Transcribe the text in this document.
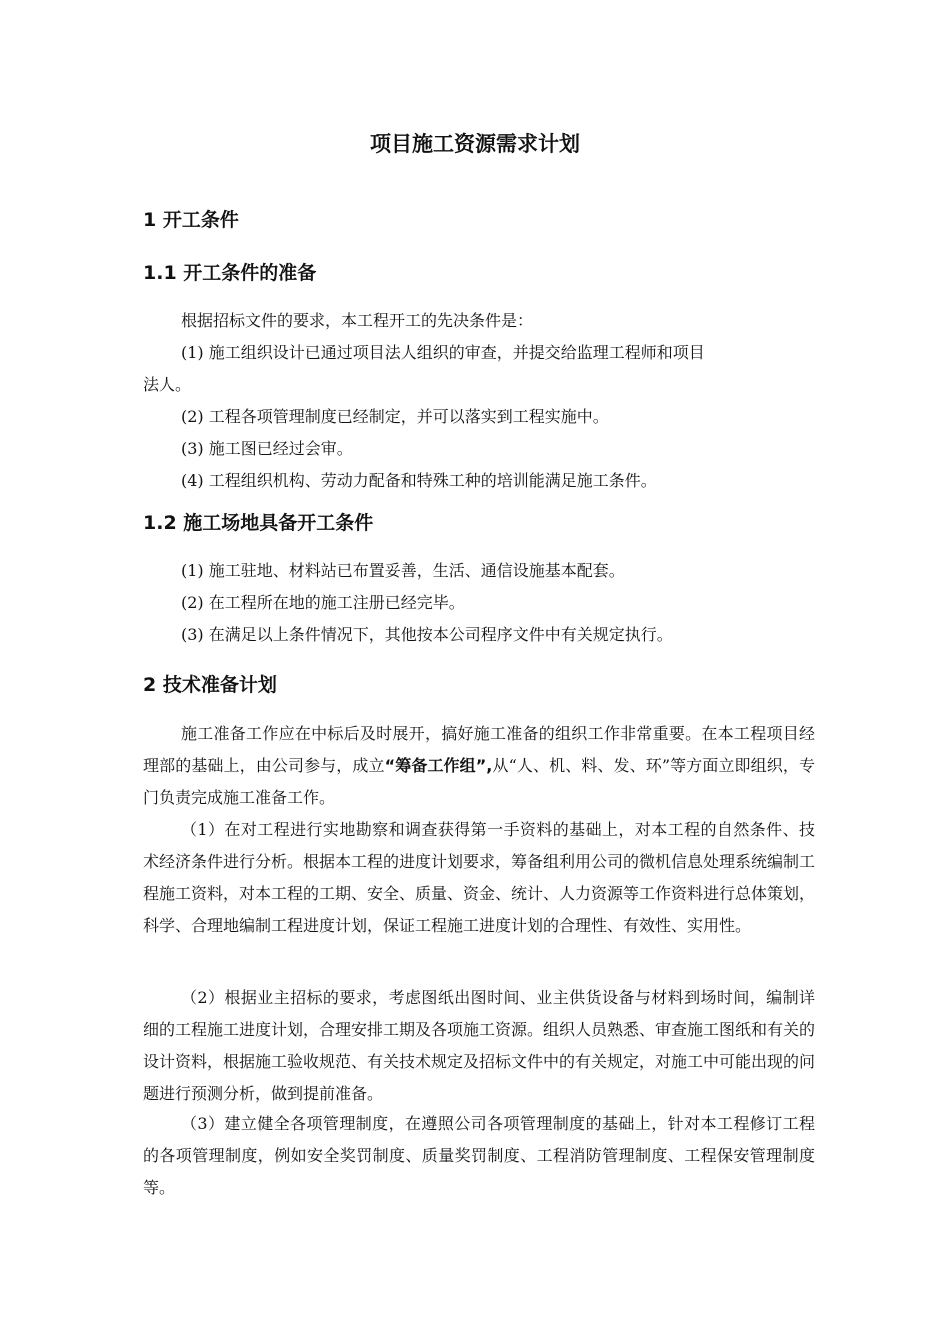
项目施工资源需求计划
1 开工条件
1.1 开工条件的准备
根据招标文件的要求，本工程开工的先决条件是：
(1) 施工组织设计已通过项目法人组织的审查，并提交给监理工程师和项目
法人。
(2) 工程各项管理制度已经制定，并可以落实到工程实施中。
(3) 施工图已经过会审。
(4) 工程组织机构、劳动力配备和特殊工种的培训能满足施工条件。
1.2 施工场地具备开工条件
(1) 施工驻地、材料站已布置妥善，生活、通信设施基本配套。
(2) 在工程所在地的施工注册已经完毕。
(3) 在满足以上条件情况下，其他按本公司程序文件中有关规定执行。
2 技术准备计划
施工准备工作应在中标后及时展开，搞好施工准备的组织工作非常重要。在本工程项目经理部的基础上，由公司参与，成立“筹备工作组”,从“人、机、料、发、环”等方面立即组织，专门负责完成施工准备工作。
（1）在对工程进行实地勘察和调查获得第一手资料的基础上，对本工程的自然条件、技术经济条件进行分析。根据本工程的进度计划要求，筹备组利用公司的微机信息处理系统编制工程施工资料，对本工程的工期、安全、质量、资金、统计、人力资源等工作资料进行总体策划，科学、合理地编制工程进度计划，保证工程施工进度计划的合理性、有效性、实用性。
（2）根据业主招标的要求，考虑图纸出图时间、业主供货设备与材料到场时间，编制详细的工程施工进度计划，合理安排工期及各项施工资源。组织人员熟悉、审查施工图纸和有关的设计资料，根据施工验收规范、有关技术规定及招标文件中的有关规定，对施工中可能出现的问题进行预测分析，做到提前准备。
（3）建立健全各项管理制度，在遵照公司各项管理制度的基础上，针对本工程修订工程的各项管理制度，例如安全奖罚制度、质量奖罚制度、工程消防管理制度、工程保安管理制度等。
